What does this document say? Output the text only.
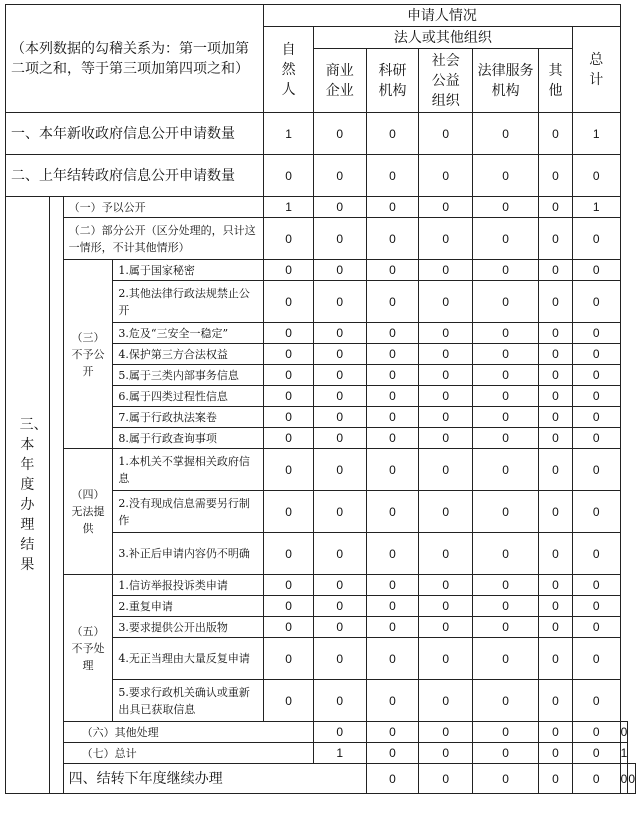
（本列数据的勾稽关系为：第一项加第二项之和，等于第三项加第四项之和）				申请人情况								
				自然人	法人或其他组织					总计		
					商业企业	科研机构	社会公益组织	法律服务机构	其他			
一、本年新收政府信息公开申请数量				1	0	0	0	0	0	1		
二、上年结转政府信息公开申请数量				0	0	0	0	0	0	0		
三、本年度办理结果		（一）予以公开		1	0	0	0	0	0	1		
		（二）部分公开（区分处理的，只计这一情形，不计其他情形）		0	0	0	0	0	0	0		
		（三）不予公开	1.属于国家秘密	0	0	0	0	0	0	0		
			2.其他法律行政法规禁止公开	0	0	0	0	0	0	0		
			3.危及“三安全一稳定”	0	0	0	0	0	0	0		
			4.保护第三方合法权益	0	0	0	0	0	0	0		
			5.属于三类内部事务信息	0	0	0	0	0	0	0		
			6.属于四类过程性信息	0	0	0	0	0	0	0		
			7.属于行政执法案卷	0	0	0	0	0	0	0		
			8.属于行政查询事项	0	0	0	0	0	0	0		
		（四）无法提供	1.本机关不掌握相关政府信息	0	0	0	0	0	0	0		
			2.没有现成信息需要另行制作	0	0	0	0	0	0	0		
			3.补正后申请内容仍不明确	0	0	0	0	0	0	0		
		（五）不予处理	1.信访举报投诉类申请	0	0	0	0	0	0	0		
			2.重复申请	0	0	0	0	0	0	0		
			3.要求提供公开出版物	0	0	0	0	0	0	0		
			4.无正当理由大量反复申请	0	0	0	0	0	0	0		
			5.要求行政机关确认或重新出具已获取信息	0	0	0	0	0	0	0		
		（六）其他处理			0	0	0	0	0	0	0	
		（七）总计			1	0	0	0	0	0	1	
		四、结转下年度继续办理				0	0	0	0	0	0	0
